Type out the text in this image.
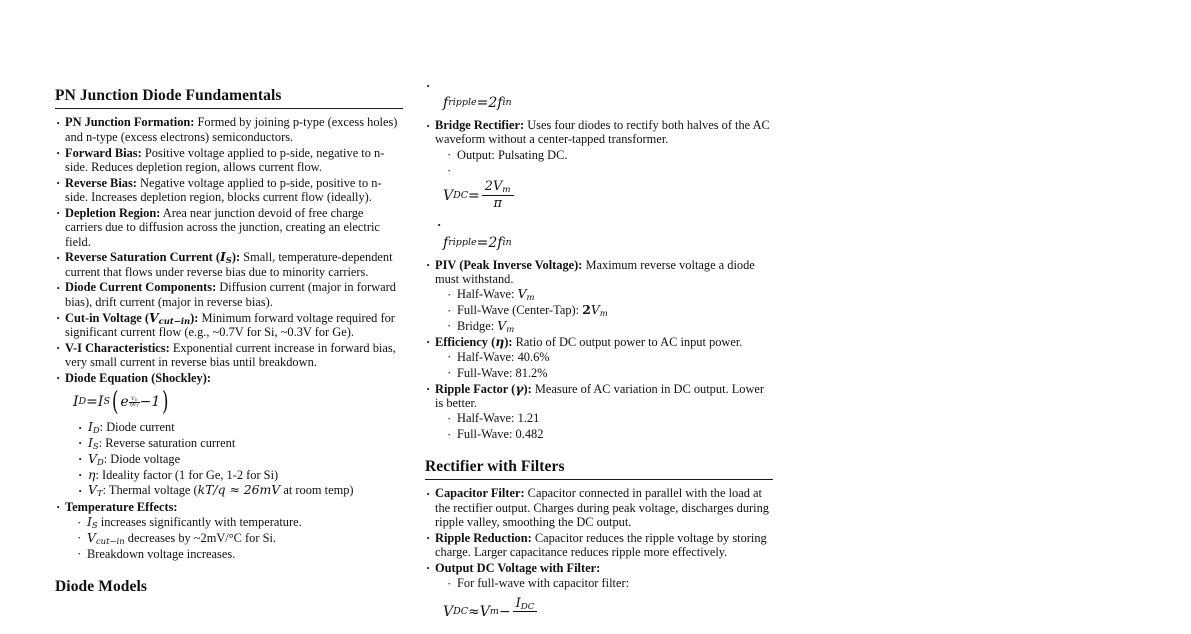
PN Junction Diode Fundamentals
· PN Junction Formation: Formed by joining p-type (excess holes) and n-type (excess electrons) semiconductors.
· Forward Bias: Positive voltage applied to p-side, negative to n-side. Reduces depletion region, allows current flow.
· Reverse Bias: Negative voltage applied to p-side, positive to n-side. Increases depletion region, blocks current flow (ideally).
· Depletion Region: Area near junction devoid of free charge carriers due to diffusion across the junction, creating an electric field.
· Reverse Saturation Current $(I_S)$: Small, temperature-dependent current that flows under reverse bias due to minority carriers.
· Diode Current Components: Diffusion current (major in forward bias), drift current (major in reverse bias).
· Cut-in Voltage $(V_{cut-in})$: Minimum forward voltage required for significant current flow (e.g., ~0.7V for Si, ~0.3V for Ge).
· V-I Characteristics: Exponential current increase in forward bias, very small current in reverse bias until breakdown.
· Diode Equation (Shockley):
I D = I S ( e $V_D$
$\eta V_T - 1$ )
· $I_D$: Diode current
· $I_S$: Reverse saturation current
· $V_D$: Diode voltage
· η: Ideality factor (1 for Ge, 1-2 for Si)
· $V_T$: Thermal voltage (kT/q ≈ 26mV at room temp)
· Temperature Effects:
· $I_S$ increases significantly with temperature.
· $V_{cut-in}$ decreases by ~2mV/°C for Si.
· Breakdown voltage increases.
Diode Models
·
f ripple = 2 f in
· Bridge Rectifier: Uses four diodes to rectify both halves of the AC waveform without a center-tapped transformer.
· Output: Pulsating DC.
·
V DC = $\frac{2V_m}{\pi}$
·
f ripple = 2 f in
· PIV (Peak Inverse Voltage): Maximum reverse voltage a diode must withstand.
· Half-Wave: $V_m$
· Full-Wave (Center-Tap): $2V_m$
· Bridge: $V_m$
· Efficiency (η): Ratio of DC output power to AC input power.
· Half-Wave: 40.6%
· Full-Wave: 81.2%
· Ripple Factor (γ): Measure of AC variation in DC output. Lower is better.
· Half-Wave: 1.21
· Full-Wave: 0.482
Rectifier with Filters
· Capacitor Filter: Capacitor connected in parallel with the load at the rectifier output. Charges during peak voltage, discharges during ripple valley, smoothing the DC output.
· Ripple Reduction: Capacitor reduces the ripple voltage by storing charge. Larger capacitance reduces ripple more effectively.
· Output DC Voltage with Filter:
· For full-wave with capacitor filter:
V DC ≈ V m −
$I_{DC}$
